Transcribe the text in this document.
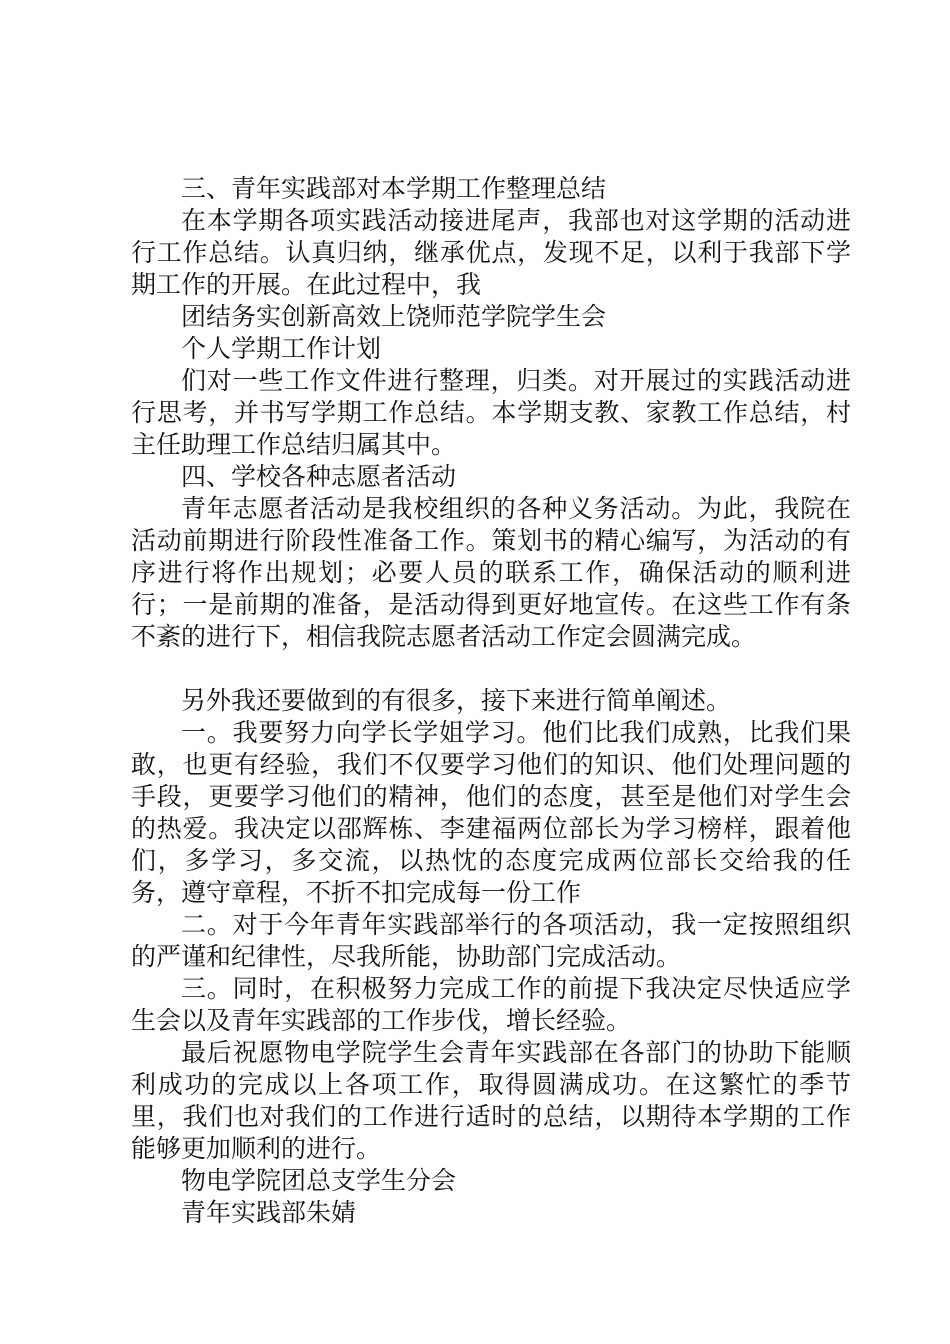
三、青年实践部对本学期工作整理总结

在本学期各项实践活动接进尾声，我部也对这学期的活动进行工作总结。认真归纳，继承优点，发现不足，以利于我部下学期工作的开展。在此过程中，我

团结务实创新高效上饶师范学院学生会

个人学期工作计划

们对一些工作文件进行整理，归类。对开展过的实践活动进行思考，并书写学期工作总结。本学期支教、家教工作总结，村主任助理工作总结归属其中。

四、学校各种志愿者活动

青年志愿者活动是我校组织的各种义务活动。为此，我院在活动前期进行阶段性准备工作。策划书的精心编写，为活动的有序进行将作出规划；必要人员的联系工作，确保活动的顺利进行；一是前期的准备，是活动得到更好地宣传。在这些工作有条不紊的进行下，相信我院志愿者活动工作定会圆满完成。

另外我还要做到的有很多，接下来进行简单阐述。

一。我要努力向学长学姐学习。他们比我们成熟，比我们果敢，也更有经验，我们不仅要学习他们的知识、他们处理问题的手段，更要学习他们的精神，他们的态度，甚至是他们对学生会的热爱。我决定以邵辉栋、李建福两位部长为学习榜样，跟着他们，多学习，多交流，以热忱的态度完成两位部长交给我的任务，遵守章程，不折不扣完成每一份工作

二。对于今年青年实践部举行的各项活动，我一定按照组织的严谨和纪律性，尽我所能，协助部门完成活动。

三。同时，在积极努力完成工作的前提下我决定尽快适应学生会以及青年实践部的工作步伐，增长经验。

最后祝愿物电学院学生会青年实践部在各部门的协助下能顺利成功的完成以上各项工作，取得圆满成功。在这繁忙的季节里，我们也对我们的工作进行适时的总结，以期待本学期的工作能够更加顺利的进行。

物电学院团总支学生分会

青年实践部朱婧
